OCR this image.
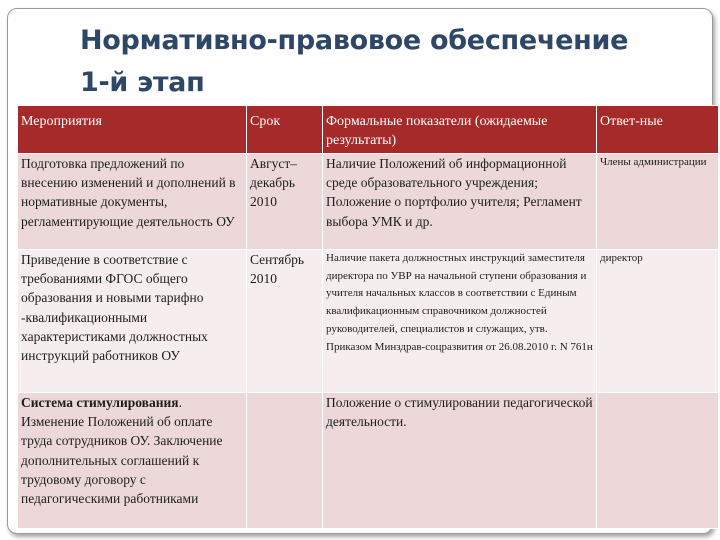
Нормативно-правовое обеспечение
1-й этап
Мероприятия	Срок	Формальные показатели (ожидаемые результаты)	Ответ-ные
Подготовка предложений по внесению изменений и дополнений в нормативные документы, регламентирующие деятельность ОУ	Август–декабрь 2010	Наличие Положений об информационной среде образовательного учреждения; Положение о портфолио учителя; Регламент выбора УМК и др.	Члены администрации
Приведение в соответствие с требованиями ФГОС общего образования и новыми тарифно -квалификационными характеристиками должностных инструкций работников ОУ	Сентябрь 2010	Наличие пакета должностных инструкций заместителя директора по УВР на начальной ступени образования и учителя начальных классов в соответствии с Единым квалификационным справочником должностей руководителей, специалистов и служащих, утв. Приказом Минздрав-соцразвития от 26.08.2010 г. N 761н	директор
Система стимулирования. Изменение Положений об оплате труда сотрудников ОУ. Заключение дополнительных соглашений к трудовому договору с педагогическими работниками		Положение о стимулировании педагогической деятельности.	
